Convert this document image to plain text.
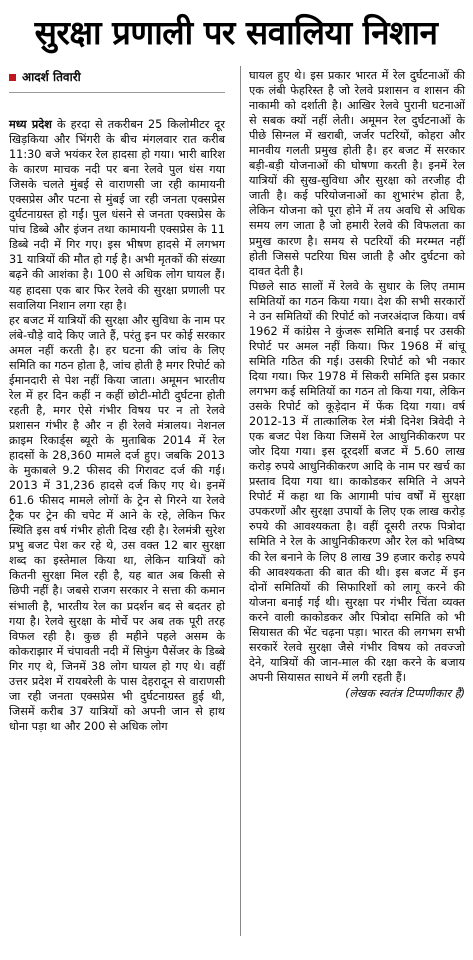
सुरक्षा प्रणाली पर सवालिया निशान
आदर्श तिवारी

मध्य प्रदेश के हरदा से तकरीबन 25 किलोमीटर दूर खिड़किया और भिंगरी के बीच मंगलवार रात करीब 11:30 बजे भयंकर रेल हादसा हो गया। भारी बारिश के कारण माचक नदी पर बना रेलवे पुल धंस गया जिसके चलते मुंबई से वाराणसी जा रही कामायनी एक्सप्रेस और पटना से मुंबई जा रही जनता एक्सप्रेस दुर्घटनाग्रस्त हो गईं। पुल धंसने से जनता एक्सप्रेस के पांच डिब्बे और इंजन तथा कामायनी एक्सप्रेस के 11 डिब्बे नदी में गिर गए। इस भीषण हादसे में लगभग 31 यात्रियों की मौत हो गई है। अभी मृतकों की संख्या बढ़ने की आशंका है। 100 से अधिक लोग घायल हैं। यह हादसा एक बार फिर रेलवे की सुरक्षा प्रणाली पर सवालिया निशान लगा रहा है।

हर बजट में यात्रियों की सुरक्षा और सुविधा के नाम पर लंबे-चौड़े वादे किए जाते हैं, परंतु इन पर कोई सरकार अमल नहीं करती है। हर घटना की जांच के लिए समिति का गठन होता है, जांच होती है मगर रिपोर्ट को ईमानदारी से पेश नहीं किया जाता। अमूमन भारतीय रेल में हर दिन कहीं न कहीं छोटी-मोटी दुर्घटना होती रहती है, मगर ऐसे गंभीर विषय पर न तो रेलवे प्रशासन गंभीर है और न ही रेलवे मंत्रालय। नेशनल क्राइम रिकार्ड्स ब्यूरो के मुताबिक 2014 में रेल हादसों के 28,360 मामले दर्ज हुए। जबकि 2013 के मुकाबले 9.2 फीसद की गिरावट दर्ज की गई। 2013 में 31,236 हादसे दर्ज किए गए थे। इनमें 61.6 फीसद मामले लोगों के ट्रेन से गिरने या रेलवे ट्रैक पर ट्रेन की चपेट में आने के रहे, लेकिन फिर स्थिति इस वर्ष गंभीर होती दिख रही है। रेलमंत्री सुरेश प्रभु बजट पेश कर रहे थे, उस वक्त 12 बार सुरक्षा शब्द का इस्तेमाल किया था, लेकिन यात्रियों को कितनी सुरक्षा मिल रही है, यह बात अब किसी से छिपी नहीं है। जबसे राजग सरकार ने सत्ता की कमान संभाली है, भारतीय रेल का प्रदर्शन बद से बदतर हो गया है। रेलवे सुरक्षा के मोर्चे पर अब तक पूरी तरह विफल रही है। कुछ ही महीने पहले असम के कोकराझार में चंपावती नदी में सिफुंग पैसेंजर के डिब्बे गिर गए थे, जिनमें 38 लोग घायल हो गए थे। वहीं उत्तर प्रदेश में रायबरेली के पास देहरादून से वाराणसी जा रही जनता एक्सप्रेस भी दुर्घटनाग्रस्त हुई थी, जिसमें करीब 37 यात्रियों को अपनी जान से हाथ धोना पड़ा था और 200 से अधिक लोग

घायल हुए थे। इस प्रकार भारत में रेल दुर्घटनाओं की एक लंबी फेहरिस्त है जो रेलवे प्रशासन व शासन की नाकामी को दर्शाती है। आखिर रेलवे पुरानी घटनाओं से सबक क्यों नहीं लेती। अमूमन रेल दुर्घटनाओं के पीछे सिग्नल में खराबी, जर्जर पटरियों, कोहरा और मानवीय गलती प्रमुख होती है। हर बजट में सरकार बड़ी-बड़ी योजनाओं की घोषणा करती है। इनमें रेल यात्रियों की सुख-सुविधा और सुरक्षा को तरजीह दी जाती है। कई परियोजनाओं का शुभारंभ होता है, लेकिन योजना को पूरा होने में तय अवधि से अधिक समय लग जाता है जो हमारी रेलवे की विफलता का प्रमुख कारण है। समय से पटरियों की मरम्मत नहीं होती जिससे पटरिया घिस जाती है और दुर्घटना को दावत देती है।

पिछले साठ सालों में रेलवे के सुधार के लिए तमाम समितियों का गठन किया गया। देश की सभी सरकारों ने उन समितियों की रिपोर्ट को नजरअंदाज किया। वर्ष 1962 में कांग्रेस ने कुंजरू समिति बनाई पर उसकी रिपोर्ट पर अमल नहीं किया। फिर 1968 में बांचू समिति गठित की गई। उसकी रिपोर्ट को भी नकार दिया गया। फिर 1978 में सिकरी समिति इस प्रकार लगभग कई समितियों का गठन तो किया गया, लेकिन उसके रिपोर्ट को कूड़ेदान में फेंक दिया गया। वर्ष 2012-13 में तात्कालिक रेल मंत्री दिनेश त्रिवेदी ने एक बजट पेश किया जिसमें रेल आधुनिकीकरण पर जोर दिया गया। इस दूरदर्शी बजट में 5.60 लाख करोड़ रुपये आधुनिकीकरण आदि के नाम पर खर्च का प्रस्ताव दिया गया था। काकोडकर समिति ने अपने रिपोर्ट में कहा था कि आगामी पांच वर्षों में सुरक्षा उपकरणों और सुरक्षा उपायों के लिए एक लाख करोड़ रुपये की आवश्यकता है। वहीं दूसरी तरफ पित्रोदा समिति ने रेल के आधुनिकीकरण और रेल को भविष्य की रेल बनाने के लिए 8 लाख 39 हजार करोड़ रुपये की आवश्यकता की बात की थी। इस बजट में इन दोनों समितियों की सिफारिशों को लागू करने की योजना बनाई गई थी। सुरक्षा पर गंभीर चिंता व्यक्त करने वाली काकोडकर और पित्रोदा समिति को भी सियासत की भेंट चढ़ना पड़ा। भारत की लगभग सभी सरकारें रेलवे सुरक्षा जैसे गंभीर विषय को तवज्जो देने, यात्रियों की जान-माल की रक्षा करने के बजाय अपनी सियासत साधने में लगी रहती हैं।

(लेखक स्वतंत्र टिप्पणीकार हैं)
